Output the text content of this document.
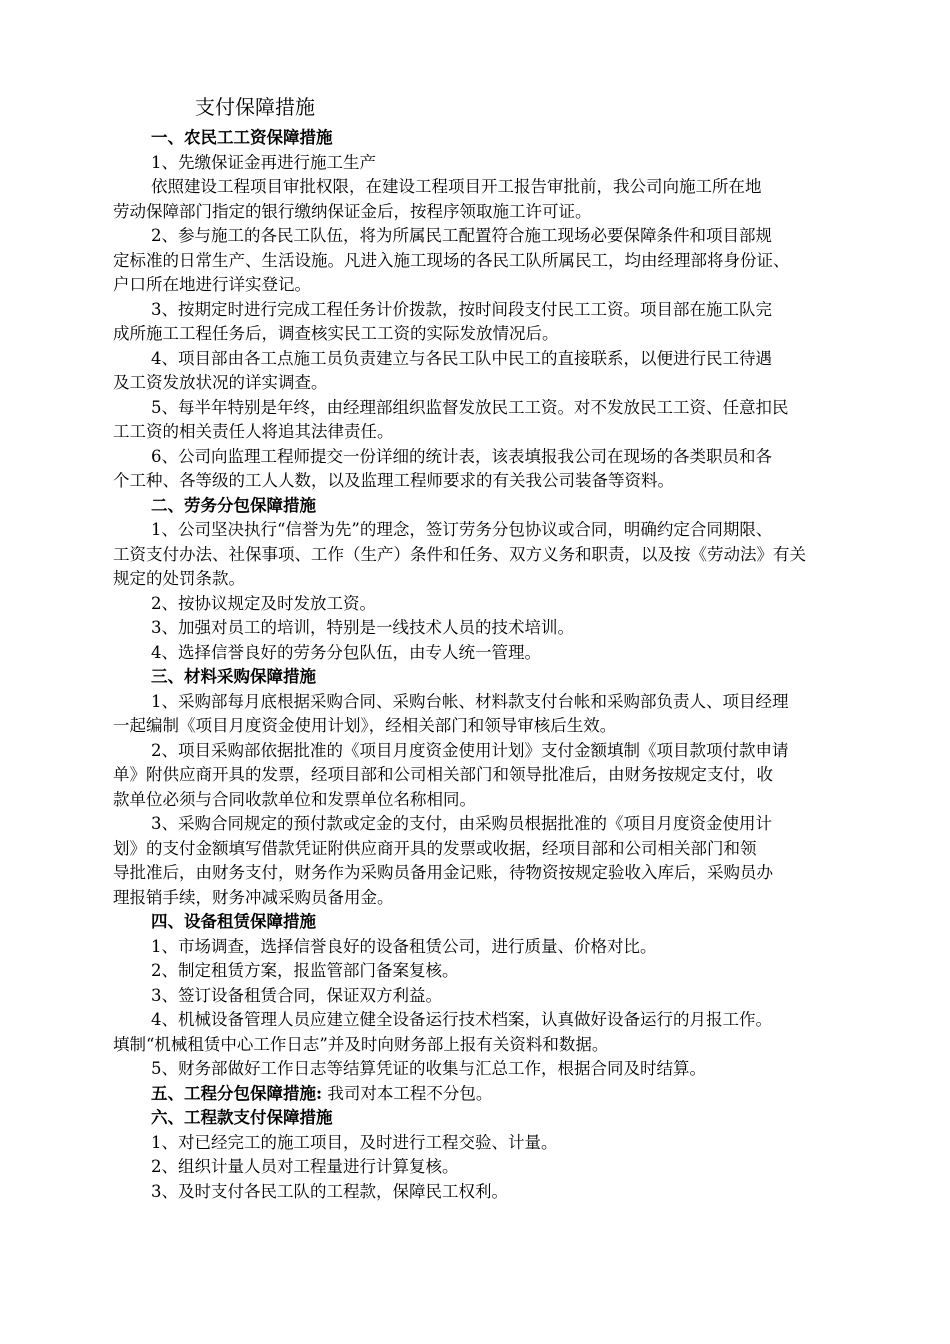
支付保障措施

一、农民工工资保障措施

1、先缴保证金再进行施工生产

依照建设工程项目审批权限，在建设工程项目开工报告审批前，我公司向施工所在地

劳动保障部门指定的银行缴纳保证金后，按程序领取施工许可证。

2、参与施工的各民工队伍，将为所属民工配置符合施工现场必要保障条件和项目部规

定标准的日常生产、生活设施。凡进入施工现场的各民工队所属民工，均由经理部将身份证、

户口所在地进行详实登记。

3、按期定时进行完成工程任务计价拨款，按时间段支付民工工资。项目部在施工队完

成所施工工程任务后，调查核实民工工资的实际发放情况后。

4、项目部由各工点施工员负责建立与各民工队中民工的直接联系，以便进行民工待遇

及工资发放状况的详实调查。

5、每半年特别是年终，由经理部组织监督发放民工工资。对不发放民工工资、任意扣民

工工资的相关责任人将追其法律责任。

6、公司向监理工程师提交一份详细的统计表，该表填报我公司在现场的各类职员和各

个工种、各等级的工人人数，以及监理工程师要求的有关我公司装备等资料。

二、劳务分包保障措施

1、公司坚决执行“信誉为先”的理念，签订劳务分包协议或合同，明确约定合同期限、

工资支付办法、社保事项、工作（生产）条件和任务、双方义务和职责，以及按《劳动法》有关

规定的处罚条款。

2、按协议规定及时发放工资。

3、加强对员工的培训，特别是一线技术人员的技术培训。

4、选择信誉良好的劳务分包队伍，由专人统一管理。

三、材料采购保障措施

1、采购部每月底根据采购合同、采购台帐、材料款支付台帐和采购部负责人、项目经理

一起编制《项目月度资金使用计划》，经相关部门和领导审核后生效。

2、项目采购部依据批准的《项目月度资金使用计划》支付金额填制《项目款项付款申请

单》附供应商开具的发票，经项目部和公司相关部门和领导批准后，由财务按规定支付，收

款单位必须与合同收款单位和发票单位名称相同。

3、采购合同规定的预付款或定金的支付，由采购员根据批准的《项目月度资金使用计

划》的支付金额填写借款凭证附供应商开具的发票或收据，经项目部和公司相关部门和领

导批准后，由财务支付，财务作为采购员备用金记账，待物资按规定验收入库后，采购员办

理报销手续，财务冲减采购员备用金。

四、设备租赁保障措施

1、市场调查，选择信誉良好的设备租赁公司，进行质量、价格对比。

2、制定租赁方案，报监管部门备案复核。

3、签订设备租赁合同，保证双方利益。

4、机械设备管理人员应建立健全设备运行技术档案，认真做好设备运行的月报工作。

填制“机械租赁中心工作日志”并及时向财务部上报有关资料和数据。

5、财务部做好工作日志等结算凭证的收集与汇总工作，根据合同及时结算。

五、工程分包保障措施: 我司对本工程不分包。

六、工程款支付保障措施

1、对已经完工的施工项目，及时进行工程交验、计量。

2、组织计量人员对工程量进行计算复核。

3、及时支付各民工队的工程款，保障民工权利。
